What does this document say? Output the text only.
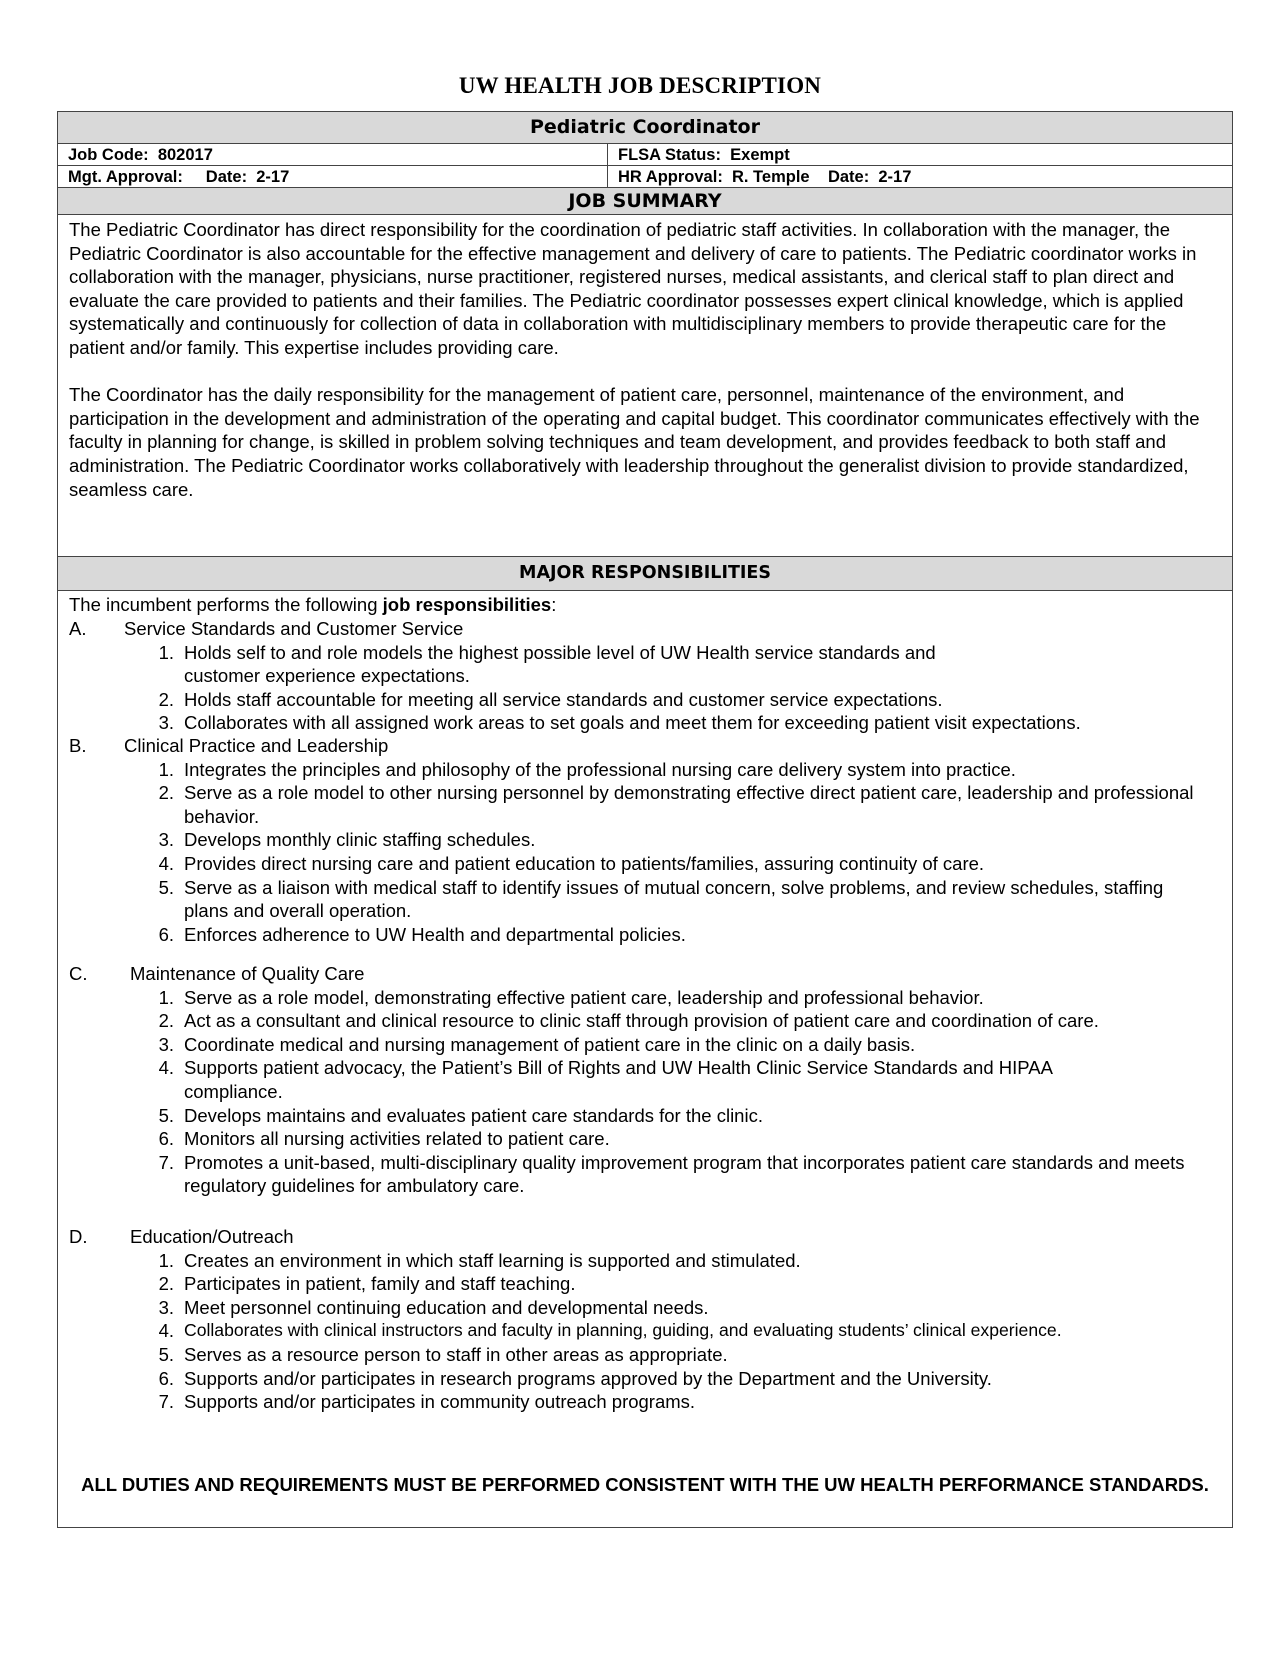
UW HEALTH JOB DESCRIPTION
Pediatric Coordinator
Job Code:  802017	FLSA Status:  Exempt
Mgt. Approval:     Date:  2-17	HR Approval:  R. Temple    Date:  2-17
JOB SUMMARY

The Pediatric Coordinator has direct responsibility for the coordination of pediatric staff activities. In collaboration with the manager, the Pediatric Coordinator is also accountable for the effective management and delivery of care to patients. The Pediatric coordinator works in collaboration with the manager, physicians, nurse practitioner, registered nurses, medical assistants, and clerical staff to plan direct and evaluate the care provided to patients and their families. The Pediatric coordinator possesses expert clinical knowledge, which is applied systematically and continuously for collection of data in collaboration with multidisciplinary members to provide therapeutic care for the patient and/or family. This expertise includes providing care.

The Coordinator has the daily responsibility for the management of patient care, personnel, maintenance of the environment, and participation in the development and administration of the operating and capital budget. This coordinator communicates effectively with the faculty in planning for change, is skilled in problem solving techniques and team development, and provides feedback to both staff and administration. The Pediatric Coordinator works collaboratively with leadership throughout the generalist division to provide standardized, seamless care.

MAJOR RESPONSIBILITIES
The incumbent performs the following job responsibilities:
A.	Service Standards and Customer Service
1. Holds self to and role models the highest possible level of UW Health service standards and customer experience expectations.
2. Holds staff accountable for meeting all service standards and customer service expectations.
3. Collaborates with all assigned work areas to set goals and meet them for exceeding patient visit expectations.
B.	Clinical Practice and Leadership
1. Integrates the principles and philosophy of the professional nursing care delivery system into practice.
2. Serve as a role model to other nursing personnel by demonstrating effective direct patient care, leadership and professional behavior.
3. Develops monthly clinic staffing schedules.
4. Provides direct nursing care and patient education to patients/families, assuring continuity of care.
5. Serve as a liaison with medical staff to identify issues of mutual concern, solve problems, and review schedules, staffing plans and overall operation.
6. Enforces adherence to UW Health and departmental policies.
C.	Maintenance of Quality Care
1. Serve as a role model, demonstrating effective patient care, leadership and professional behavior.
2. Act as a consultant and clinical resource to clinic staff through provision of patient care and coordination of care.
3. Coordinate medical and nursing management of patient care in the clinic on a daily basis.
4. Supports patient advocacy, the Patient’s Bill of Rights and UW Health Clinic Service Standards and HIPAA compliance.
5. Develops maintains and evaluates patient care standards for the clinic.
6. Monitors all nursing activities related to patient care.
7. Promotes a unit-based, multi-disciplinary quality improvement program that incorporates patient care standards and meets regulatory guidelines for ambulatory care.
D.	Education/Outreach
1. Creates an environment in which staff learning is supported and stimulated.
2. Participates in patient, family and staff teaching.
3. Meet personnel continuing education and developmental needs.
4. Collaborates with clinical instructors and faculty in planning, guiding, and evaluating students’ clinical experience.
5. Serves as a resource person to staff in other areas as appropriate.
6. Supports and/or participates in research programs approved by the Department and the University.
7. Supports and/or participates in community outreach programs.
ALL DUTIES AND REQUIREMENTS MUST BE PERFORMED CONSISTENT WITH THE UW HEALTH PERFORMANCE STANDARDS.
